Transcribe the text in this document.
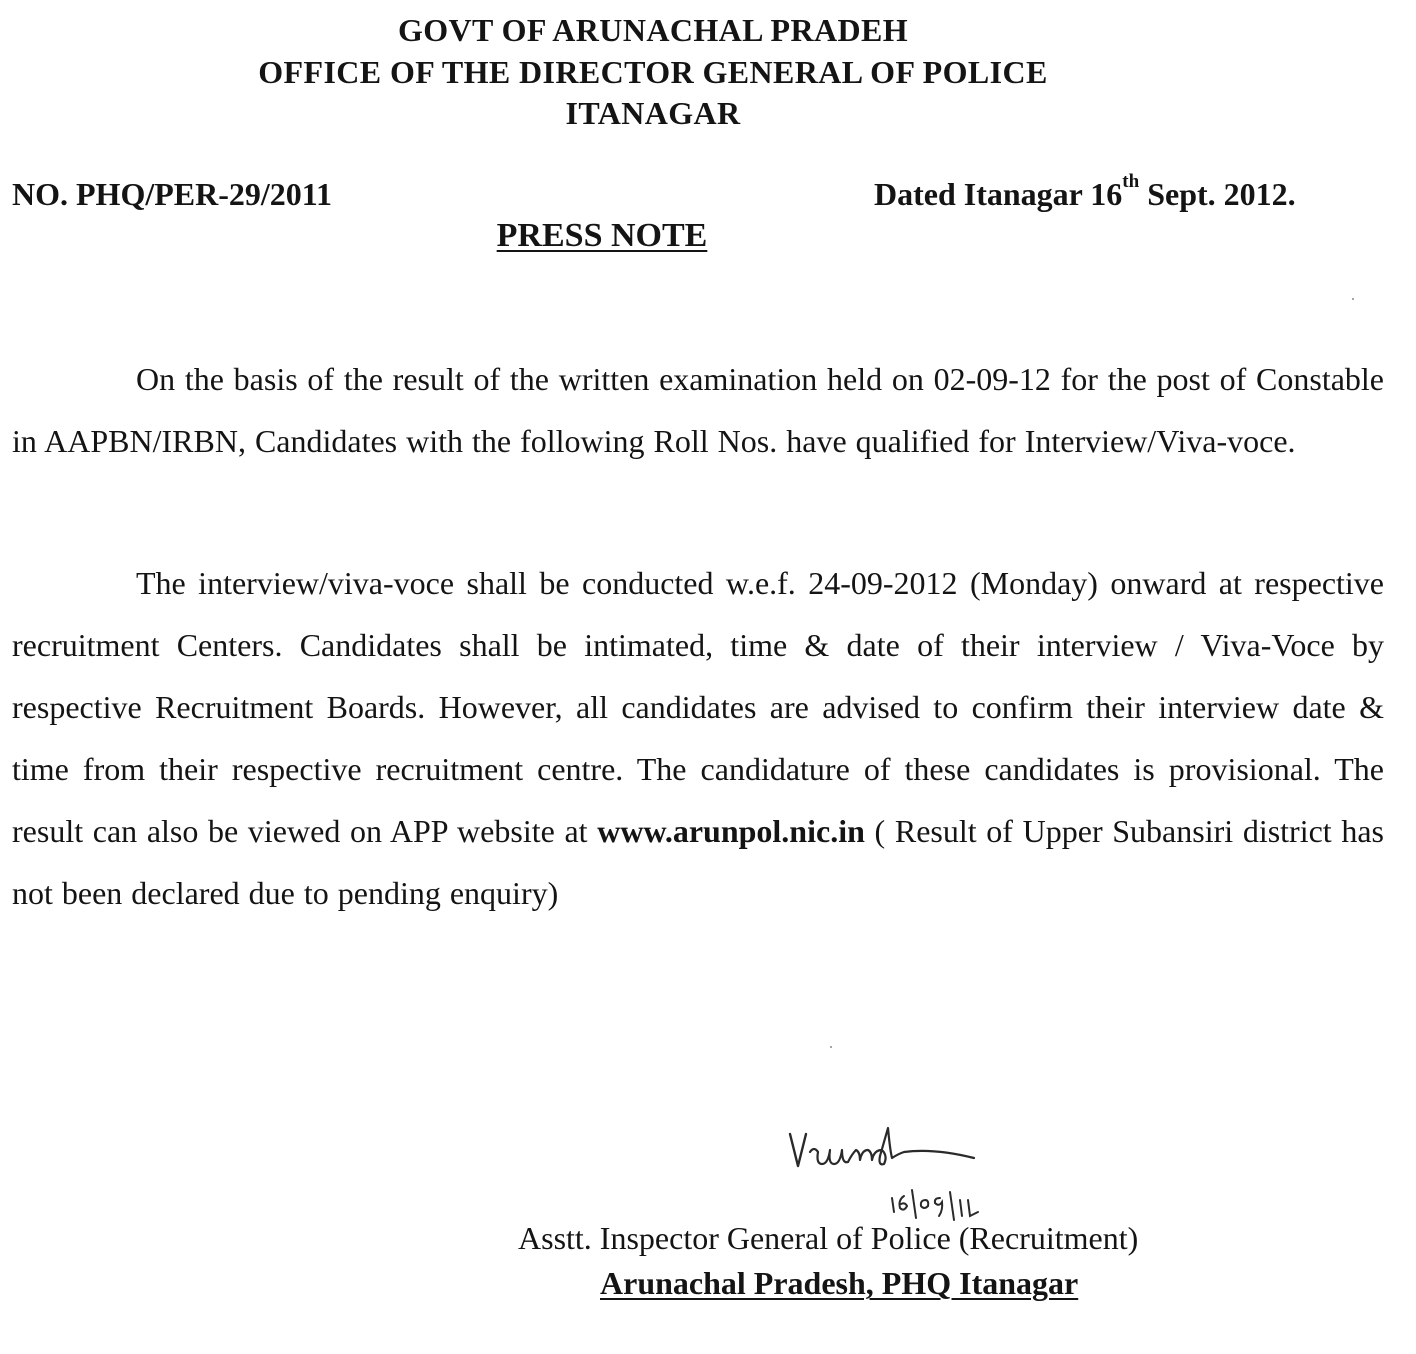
GOVT OF ARUNACHAL PRADEH
OFFICE OF THE DIRECTOR GENERAL OF POLICE
ITANAGAR
NO. PHQ/PER-29/2011	Dated Itanagar 16th Sept. 2012.
PRESS NOTE

On the basis of the result of the written examination held on 02-09-12 for the post of Constable in AAPBN/IRBN, Candidates with the following Roll Nos. have qualified for Interview/Viva-voce.

The interview/viva-voce shall be conducted w.e.f. 24-09-2012 (Monday) onward at respective recruitment Centers. Candidates shall be intimated, time & date of their interview / Viva-Voce by respective Recruitment Boards. However, all candidates are advised to confirm their interview date & time from their respective recruitment centre. The candidature of these candidates is provisional. The result can also be viewed on APP website at www.arunpol.nic.in ( Result of Upper Subansiri district has not been declared due to pending enquiry)

Asstt. Inspector General of Police (Recruitment)
Arunachal Pradesh, PHQ Itanagar
